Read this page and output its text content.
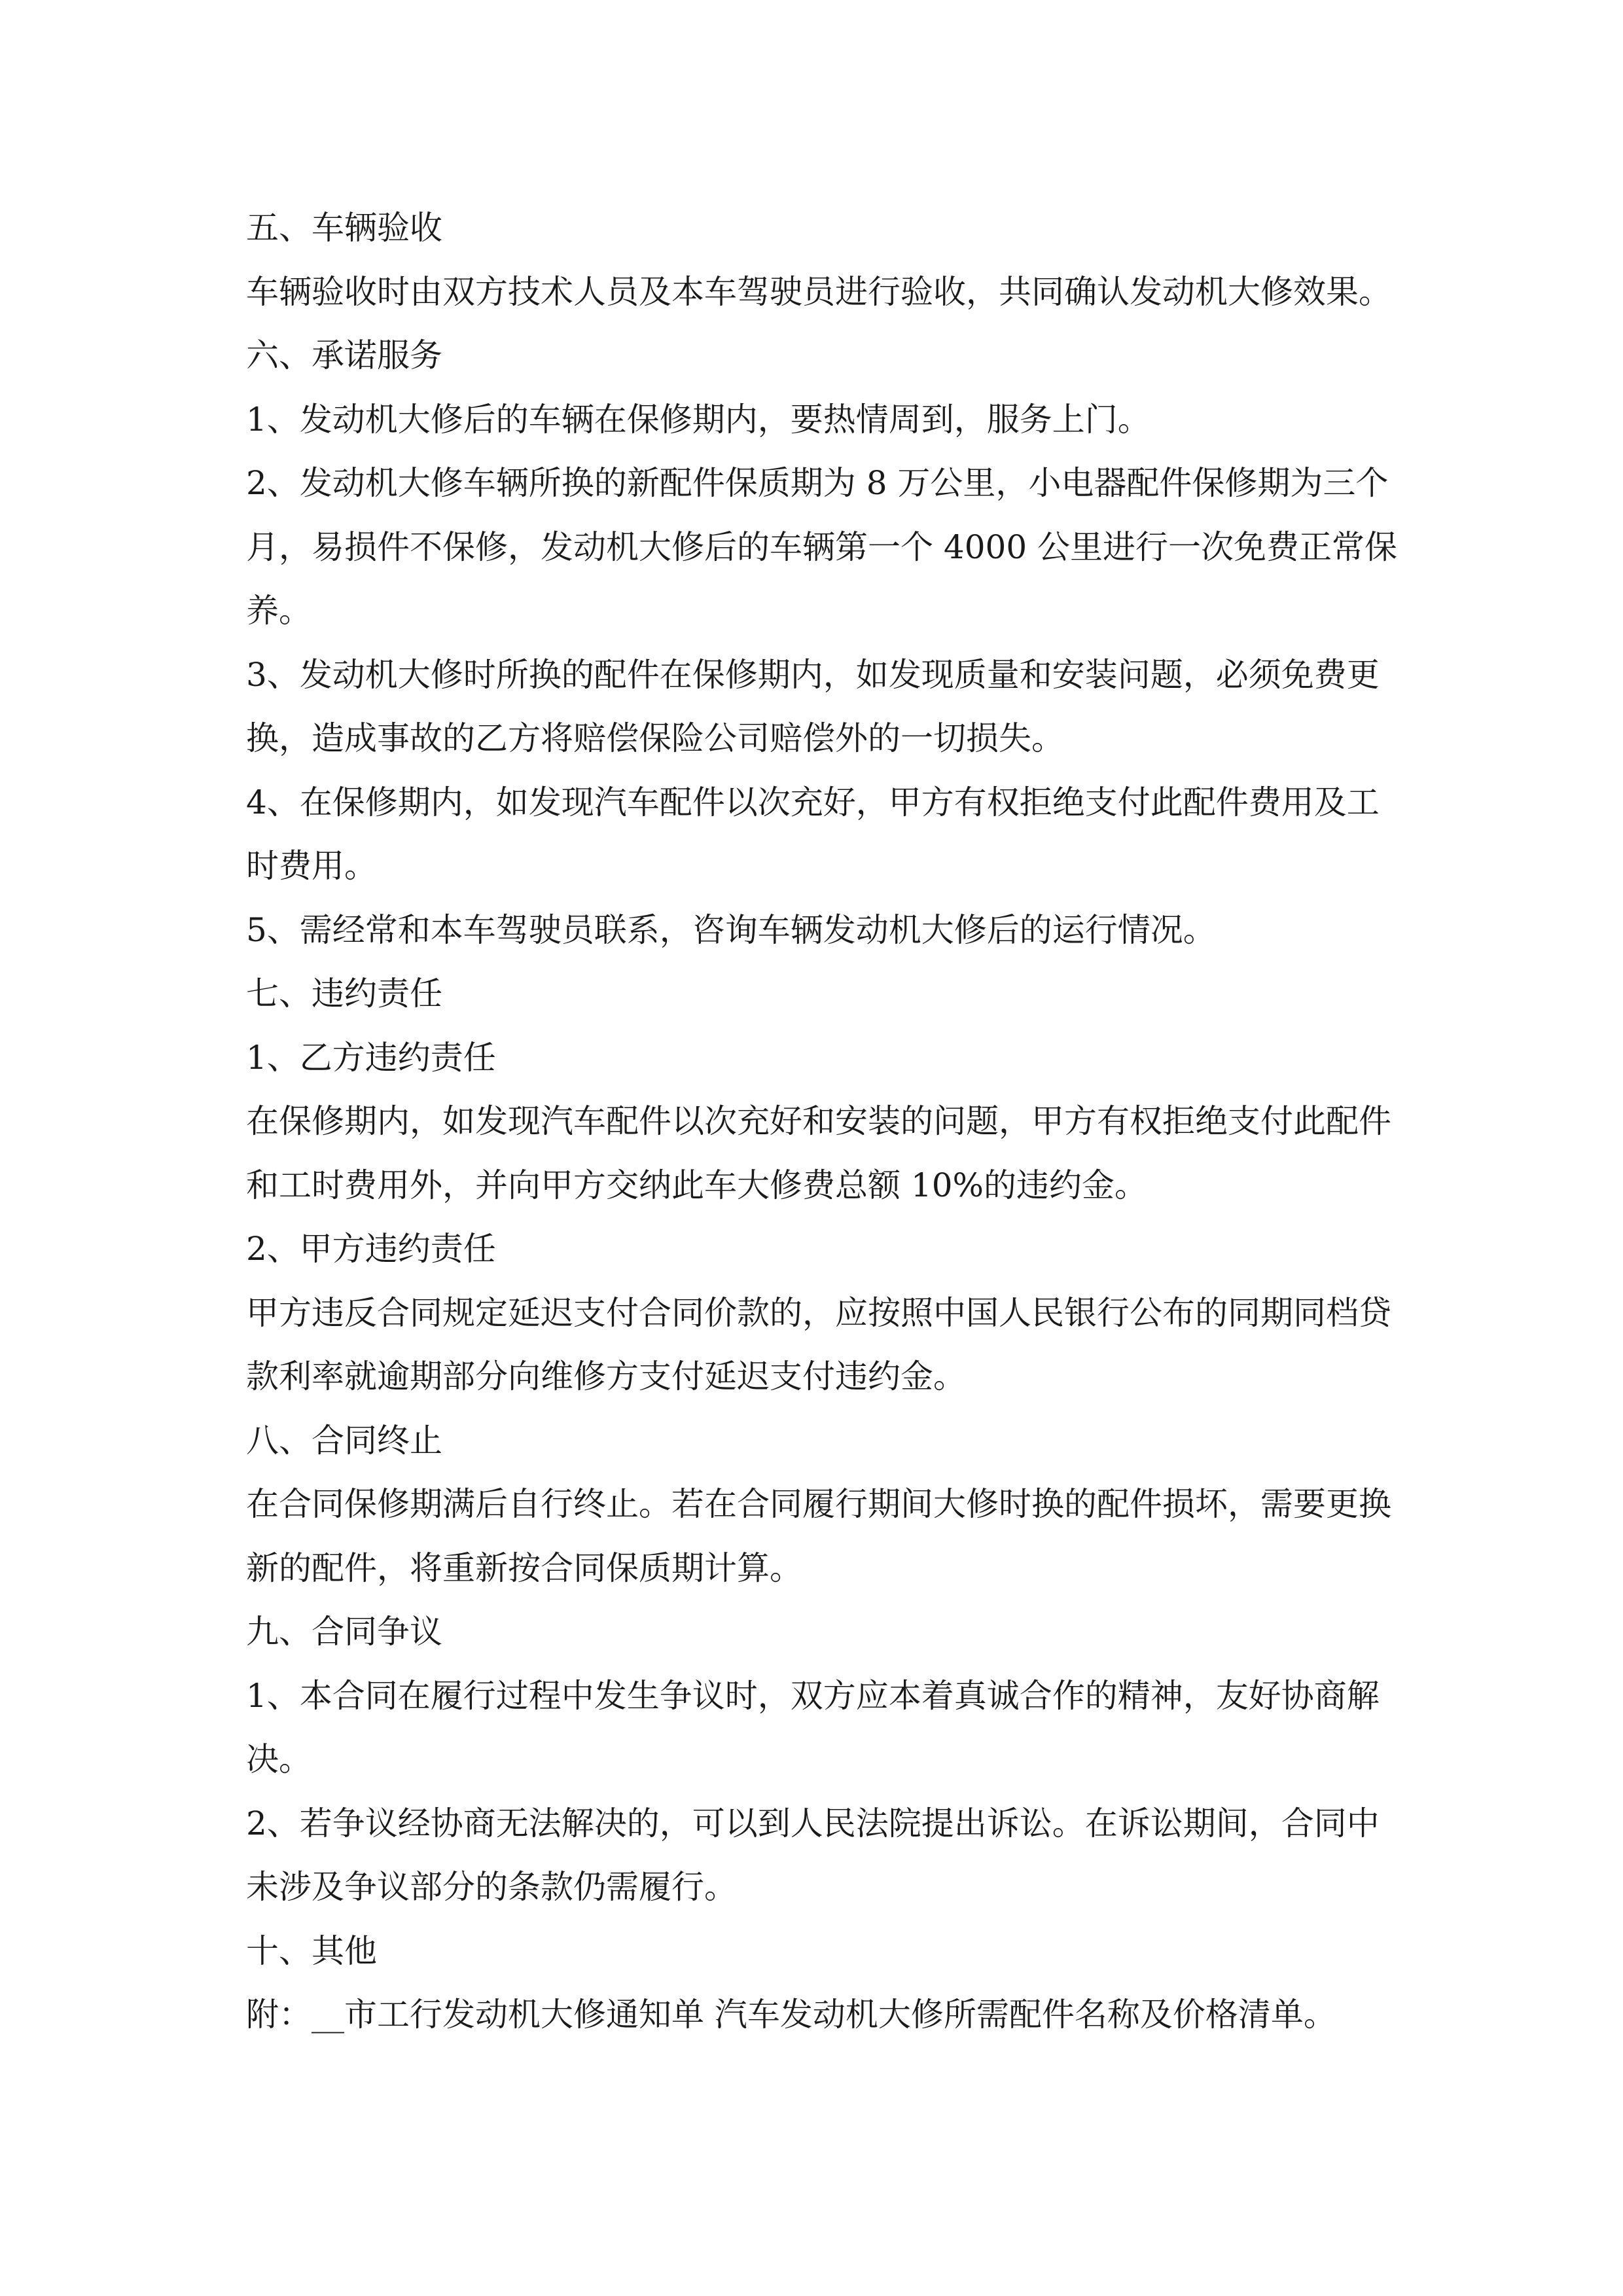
五、车辆验收
车辆验收时由双方技术人员及本车驾驶员进行验收，共同确认发动机大修效果。
六、承诺服务
1、发动机大修后的车辆在保修期内，要热情周到，服务上门。
2、发动机大修车辆所换的新配件保质期为 8 万公里，小电器配件保修期为三个
月，易损件不保修，发动机大修后的车辆第一个 4000 公里进行一次免费正常保
养。
3、发动机大修时所换的配件在保修期内，如发现质量和安装问题，必须免费更
换，造成事故的乙方将赔偿保险公司赔偿外的一切损失。
4、在保修期内，如发现汽车配件以次充好，甲方有权拒绝支付此配件费用及工
时费用。
5、需经常和本车驾驶员联系，咨询车辆发动机大修后的运行情况。
七、违约责任
1、乙方违约责任
在保修期内，如发现汽车配件以次充好和安装的问题，甲方有权拒绝支付此配件
和工时费用外，并向甲方交纳此车大修费总额 10%的违约金。
2、甲方违约责任
甲方违反合同规定延迟支付合同价款的，应按照中国人民银行公布的同期同档贷
款利率就逾期部分向维修方支付延迟支付违约金。
八、合同终止
在合同保修期满后自行终止。若在合同履行期间大修时换的配件损坏，需要更换
新的配件，将重新按合同保质期计算。
九、合同争议
1、本合同在履行过程中发生争议时，双方应本着真诚合作的精神，友好协商解
决。
2、若争议经协商无法解决的，可以到人民法院提出诉讼。在诉讼期间，合同中
未涉及争议部分的条款仍需履行。
十、其他
附：__市工行发动机大修通知单 汽车发动机大修所需配件名称及价格清单。
